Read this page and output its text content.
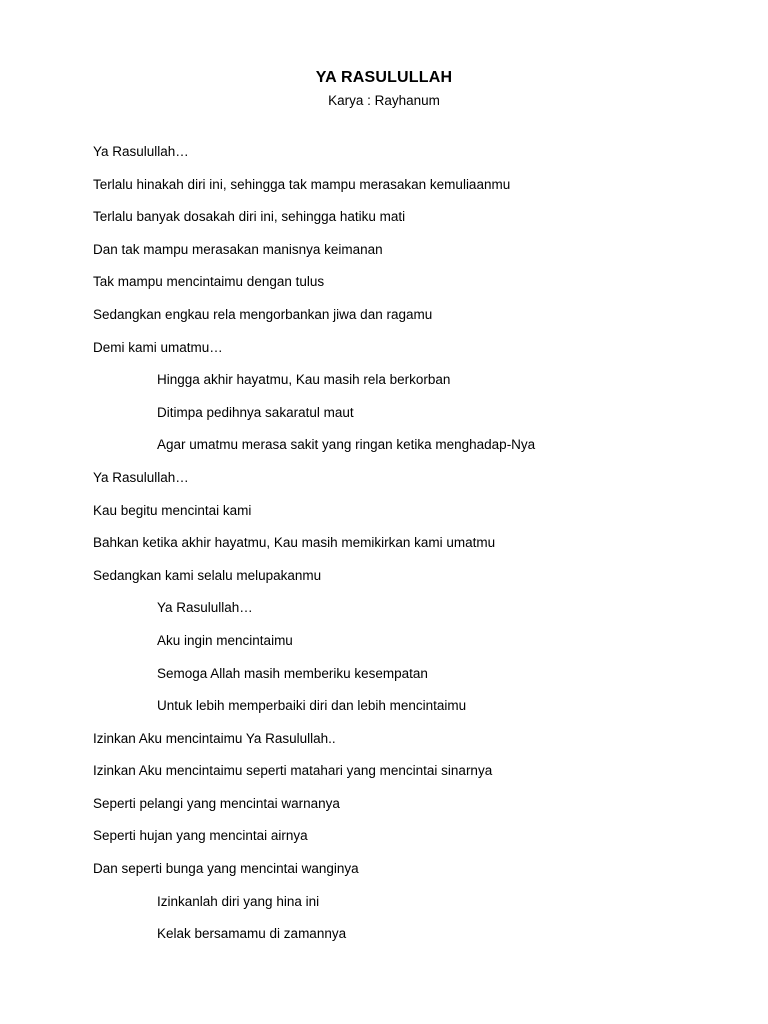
YA RASULULLAH
Karya : Rayhanum
Ya Rasulullah…
Terlalu hinakah diri ini, sehingga tak mampu merasakan kemuliaanmu
Terlalu banyak dosakah diri ini, sehingga hatiku mati
Dan tak mampu merasakan manisnya keimanan
Tak mampu mencintaimu dengan tulus
Sedangkan engkau rela mengorbankan jiwa dan ragamu
Demi kami umatmu…
Hingga akhir hayatmu, Kau masih rela berkorban
Ditimpa pedihnya sakaratul maut
Agar umatmu merasa sakit yang ringan ketika menghadap-Nya
Ya Rasulullah…
Kau begitu mencintai kami
Bahkan ketika akhir hayatmu, Kau masih memikirkan kami umatmu
Sedangkan kami selalu melupakanmu
Ya Rasulullah…
Aku ingin mencintaimu
Semoga Allah masih memberiku kesempatan
Untuk lebih memperbaiki diri dan lebih mencintaimu
Izinkan Aku mencintaimu Ya Rasulullah..
Izinkan Aku mencintaimu seperti matahari yang mencintai sinarnya
Seperti pelangi yang mencintai warnanya
Seperti hujan yang mencintai airnya
Dan seperti bunga yang mencintai wanginya
Izinkanlah diri yang hina ini
Kelak bersamamu di zamannya
